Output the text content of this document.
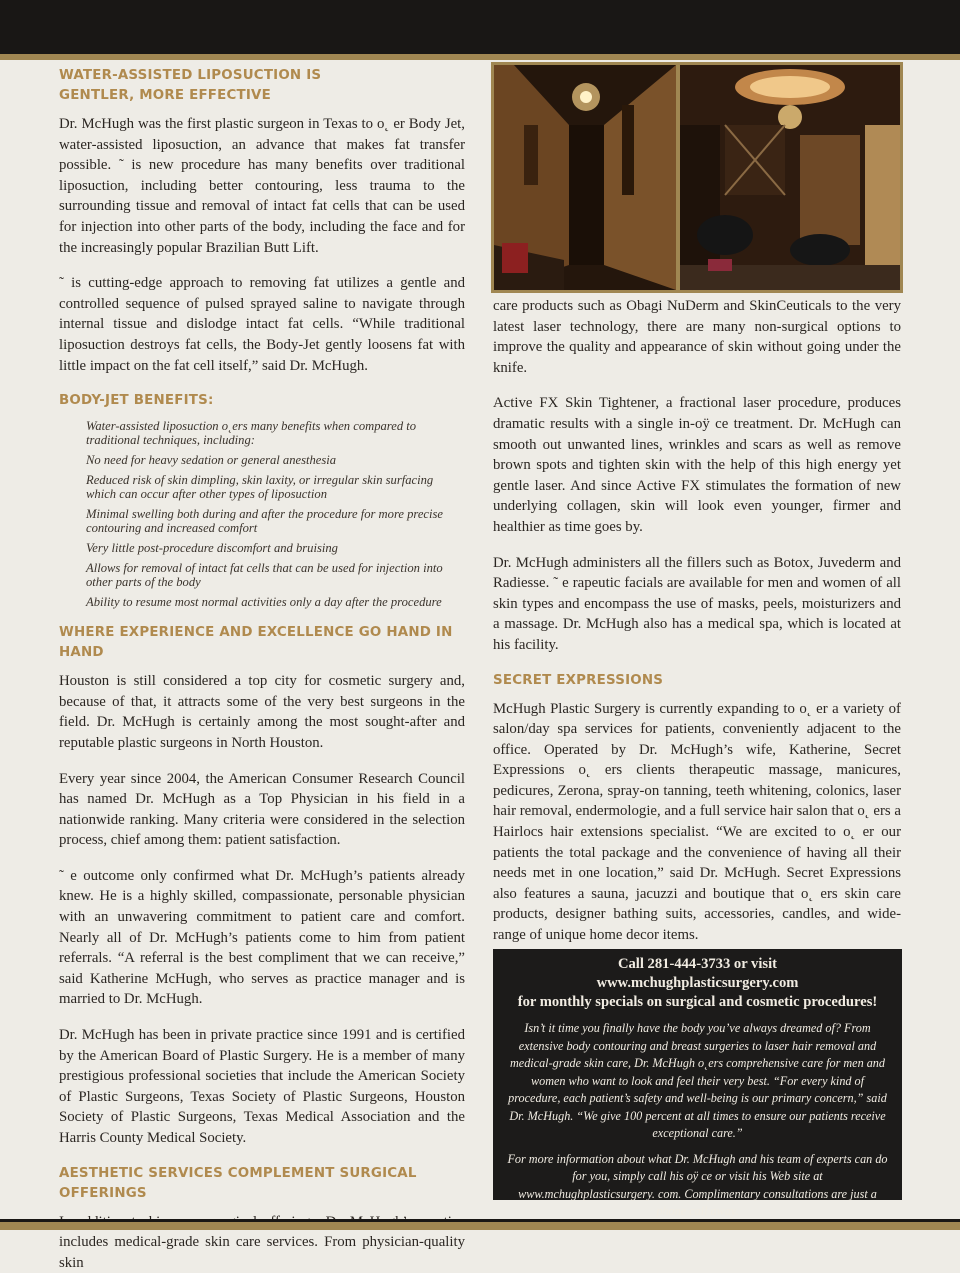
WATER-ASSISTED LIPOSUCTION IS
GENTLER, MORE EFFECTIVE

Dr. McHugh was the first plastic surgeon in Texas to o˛ er Body Jet, water-assisted liposuction, an advance that makes fat transfer possible. ˜ is new procedure has many benefits over traditional liposuction, including better contouring, less trauma to the surrounding tissue and removal of intact fat cells that can be used for injection into other parts of the body, including the face and for the increasingly popular Brazilian Butt Lift.

˜ is cutting-edge approach to removing fat utilizes a gentle and controlled sequence of pulsed sprayed saline to navigate through internal tissue and dislodge intact fat cells. “While traditional liposuction destroys fat cells, the Body-Jet gently loosens fat with little impact on the fat cell itself,” said Dr. McHugh.

BODY-JET BENEFITS:
Water-assisted liposuction o˛ers many benefits when compared to traditional techniques, including:
No need for heavy sedation or general anesthesia
Reduced risk of skin dimpling, skin laxity, or irregular skin surfacing which can occur after other types of liposuction
Minimal swelling both during and after the procedure for more precise contouring and increased comfort
Very little post-procedure discomfort and bruising
Allows for removal of intact fat cells that can be used for injection into other parts of the body
Ability to resume most normal activities only a day after the procedure
WHERE EXPERIENCE AND EXCELLENCE GO HAND IN HAND

Houston is still considered a top city for cosmetic surgery and, because of that, it attracts some of the very best surgeons in the field. Dr. McHugh is certainly among the most sought-after and reputable plastic surgeons in North Houston.

Every year since 2004, the American Consumer Research Council has named Dr. McHugh as a Top Physician in his field in a nationwide ranking. Many criteria were considered in the selection process, chief among them: patient satisfaction.

˜ e outcome only confirmed what Dr. McHugh’s patients already knew. He is a highly skilled, compassionate, personable physician with an unwavering commitment to patient care and comfort. Nearly all of Dr. McHugh’s patients come to him from patient referrals. “A referral is the best compliment that we can receive,” said Katherine McHugh, who serves as practice manager and is married to Dr. McHugh.

Dr. McHugh has been in private practice since 1991 and is certified by the American Board of Plastic Surgery. He is a member of many prestigious professional societies that include the American Society of Plastic Surgeons, Texas Society of Plastic Surgeons, Houston Society of Plastic Surgeons, Texas Medical Association and the Harris County Medical Society.

AESTHETIC SERVICES COMPLEMENT SURGICAL OFFERINGS

includes medical-grade skin care services. From physician-quality skin

care products such as Obagi NuDerm and SkinCeuticals to the very latest laser technology, there are many non-surgical options to improve the quality and appearance of skin without going under the knife.

Active FX Skin Tightener, a fractional laser procedure, produces dramatic results with a single in-oÿ ce treatment. Dr. McHugh can smooth out unwanted lines, wrinkles and scars as well as remove brown spots and tighten skin with the help of this high energy yet gentle laser. And since Active FX stimulates the formation of new underlying collagen, skin will look even younger, firmer and healthier as time goes by.

Dr. McHugh administers all the fillers such as Botox, Juvederm and Radiesse. ˜ e rapeutic facials are available for men and women of all skin types and encompass the use of masks, peels, moisturizers and a massage. Dr. McHugh also has a medical spa, which is located at his facility.

SECRET EXPRESSIONS

McHugh Plastic Surgery is currently expanding to o˛ er a variety of salon/day spa services for patients, conveniently adjacent to the office. Operated by Dr. McHugh’s wife, Katherine, Secret Expressions o˛ ers clients therapeutic massage, manicures, pedicures, Zerona, spray-on tanning, teeth whitening, colonics, laser hair removal, endermologie, and a full service hair salon that o˛ ers a Hairlocs hair extensions specialist. “We are excited to o˛ er our patients the total package and the convenience of having all their needs met in one location,” said Dr. McHugh. Secret Expressions also features a sauna, jacuzzi and boutique that o˛ ers skin care products, designer bathing suits, accessories, candles, and wide-range of unique home decor items.

Call 281-444-3733 or visit
www.mchughplasticsurgery.com
for monthly specials on surgical and cosmetic procedures!
Isn’t it time you finally have the body you’ve always dreamed of? From extensive body contouring and breast surgeries to laser hair removal and medical-grade skin care, Dr. McHugh o˛ers comprehensive care for men and women who want to look and feel their very best. “For every kind of procedure, each patient’s safety and well-being is our primary concern,” said Dr. McHugh. “We give 100 percent at all times to ensure our patients receive exceptional care.”
For more information about what Dr. McHugh and his team of experts can do for you, simply call his oÿ ce or visit his Web site at www.mchughplasticsurgery. com. Complimentary consultations are just a phone call away.
